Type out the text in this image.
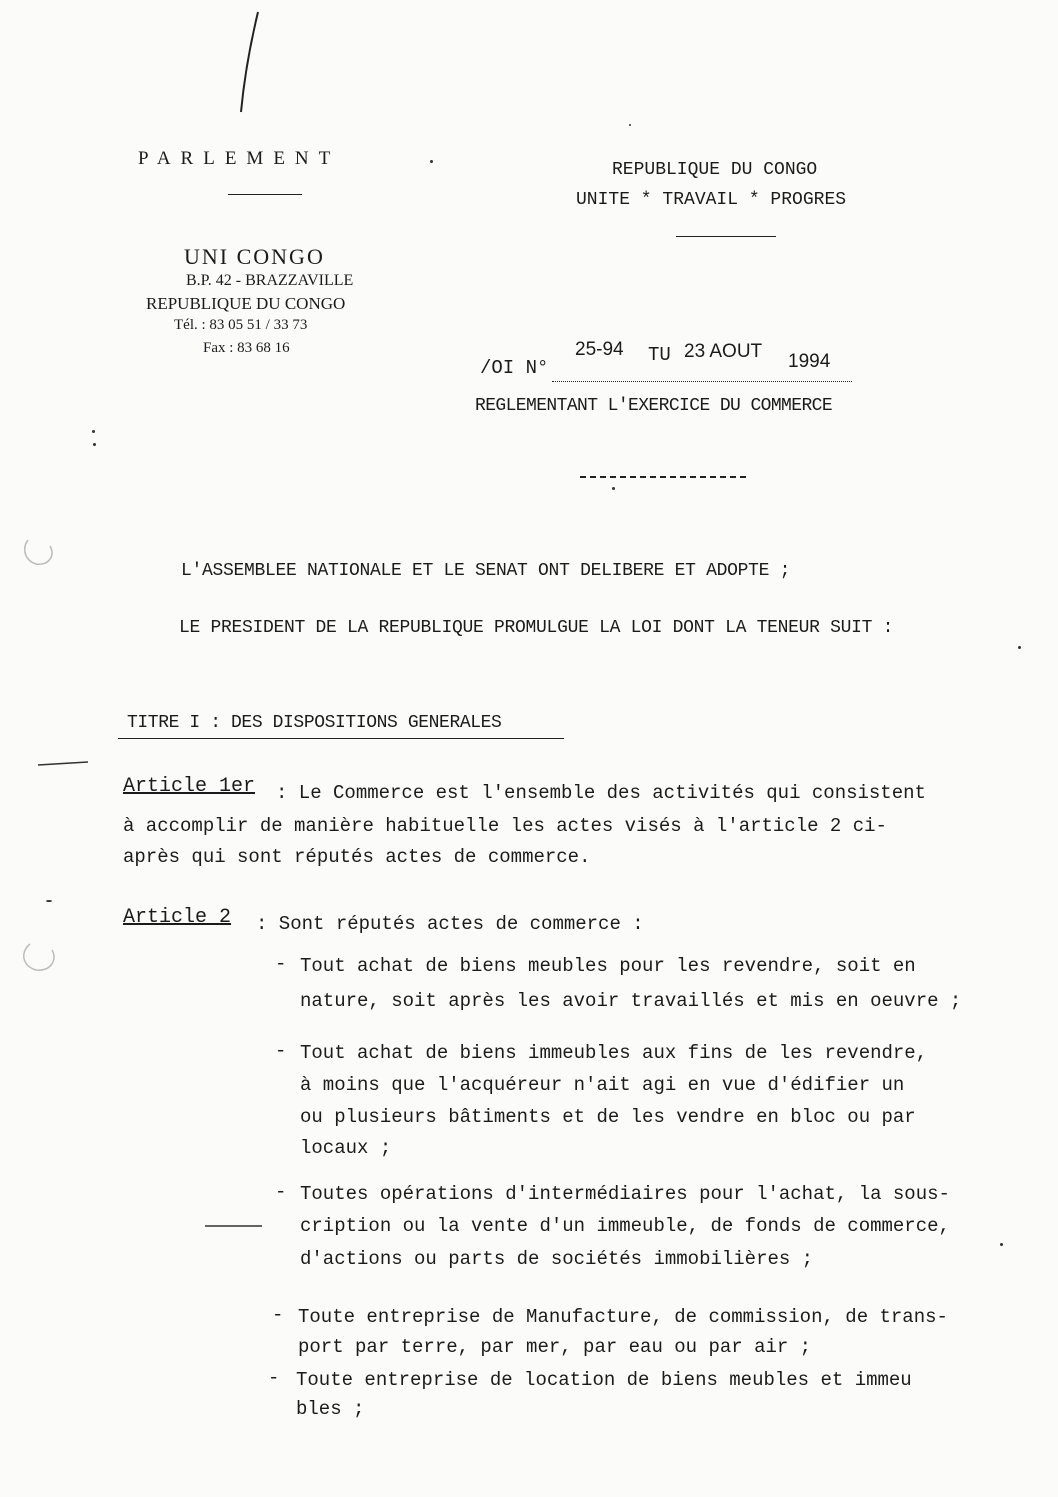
PARLEMENT
UNI CONGO
B.P. 42 - BRAZZAVILLE
REPUBLIQUE DU CONGO
Tél. : 83 05 51 / 33 73
Fax : 83 68 16
REPUBLIQUE DU CONGO
UNITE * TRAVAIL * PROGRES
/OI N°
25-94 TU 23 AOUT 1994
REGLEMENTANT L'EXERCICE DU COMMERCE
L'ASSEMBLEE NATIONALE ET LE SENAT ONT DELIBERE ET ADOPTE ;
LE PRESIDENT DE LA REPUBLIQUE PROMULGUE LA LOI DONT LA TENEUR SUIT :
TITRE I : DES DISPOSITIONS GENERALES
Article 1er : Le Commerce est l'ensemble des activités qui consistent
à accomplir de manière habituelle les actes visés à l'article 2 ci-
après qui sont réputés actes de commerce.
Article 2 : Sont réputés actes de commerce :
- Tout achat de biens meubles pour les revendre, soit en
nature, soit après les avoir travaillés et mis en oeuvre ;
- Tout achat de biens immeubles aux fins de les revendre,
à moins que l'acquéreur n'ait agi en vue d'édifier un
ou plusieurs bâtiments et de les vendre en bloc ou par
locaux ;
- Toutes opérations d'intermédiaires pour l'achat, la sous-
cription ou la vente d'un immeuble, de fonds de commerce,
d'actions ou parts de sociétés immobilières ;
- Toute entreprise de Manufacture, de commission, de trans-
port par terre, par mer, par eau ou par air ;
- Toute entreprise de location de biens meubles et immeu
bles ;
